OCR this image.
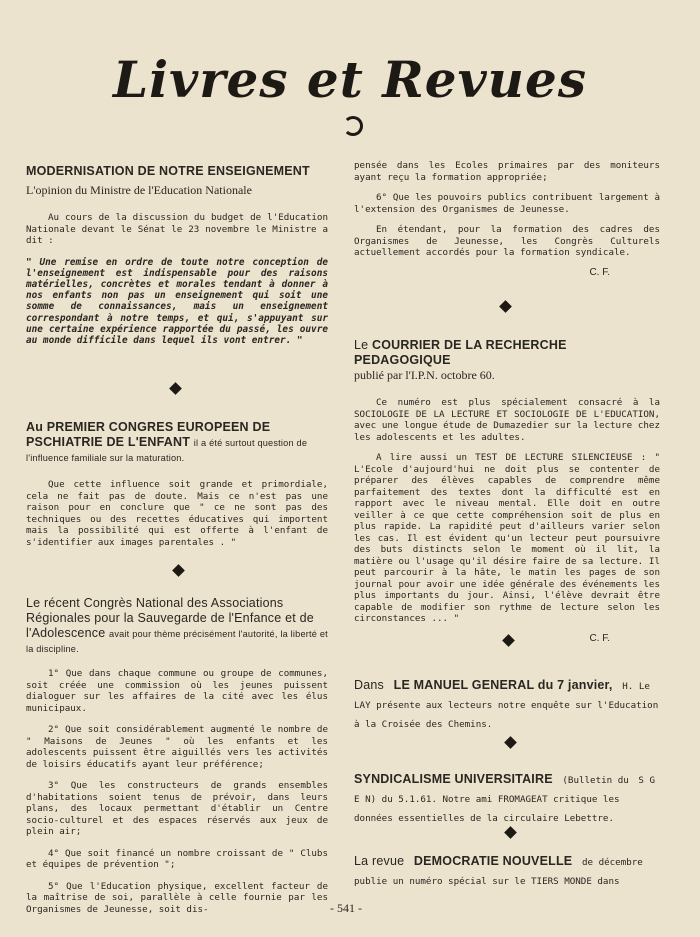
Livres et Revues
MODERNISATION DE NOTRE ENSEIGNEMENT
L'opinion du Ministre de l'Education Nationale

Au cours de la discussion du budget de l'Education Nationale devant le Sénat le 23 novembre le Ministre a dit :

" Une remise en ordre de toute notre conception de l'enseignement est indispensable pour des raisons matérielles, concrètes et morales tendant à donner à nos enfants non pas un enseignement qui soit une somme de connaissances, mais un enseignement correspondant à notre temps, et qui, s'appuyant sur une certaine expérience rapportée du passé, les ouvre au monde difficile dans lequel ils vont entrer. "

Au PREMIER CONGRES EUROPEEN DE PSCHIATRIE DE L'ENFANT il a été surtout question de l'influence familiale sur la maturation.

Que cette influence soit grande et primordiale, cela ne fait pas de doute. Mais ce n'est pas une raison pour en conclure que " ce ne sont pas des techniques ou des recettes éducatives qui importent mais la possibilité qui est offerte à l'enfant de s'identifier aux images parentales . "

Le récent Congrès National des Associations Régionales pour la Sauvegarde de l'Enfance et de l'Adolescence avait pour thème précisément l'autorité, la liberté et la discipline.

1° Que dans chaque commune ou groupe de communes, soit créée une commission où les jeunes puissent dialoguer sur les affaires de la cité avec les élus municipaux.

2° Que soit considérablement augmenté le nombre de " Maisons de Jeunes " où les enfants et les adolescents puissent être aiguillés vers les activités de loisirs éducatifs ayant leur préférence;

3° Que les constructeurs de grands ensembles d'habitations soient tenus de prévoir, dans leurs plans, des locaux permettant d'établir un Centre socio-culturel et des espaces réservés aux jeux de plein air;

4° Que soit financé un nombre croissant de " Clubs et équipes de prévention ";

5° Que l'Education physique, excellent facteur de la maîtrise de soi, parallèle à celle fournie par les Organismes de Jeunesse, soit dis-

pensée dans les Ecoles primaires par des moniteurs ayant reçu la formation appropriée;

6° Que les pouvoirs publics contribuent largement à l'extension des Organismes de Jeunesse.

En étendant, pour la formation des cadres des Organismes de Jeunesse, les Congrès Culturels actuellement accordés pour la formation syndicale.

C. F.
Le COURRIER DE LA RECHERCHE PEDAGOGIQUE
publié par l'I.P.N. octobre 60.

Ce numéro est plus spécialement consacré à la SOCIOLOGIE DE LA LECTURE ET SOCIOLOGIE DE L'EDUCATION, avec une longue étude de Dumazedier sur la lecture chez les adolescents et les adultes.

A lire aussi un TEST DE LECTURE SILENCIEUSE : " L'Ecole d'aujourd'hui ne doit plus se contenter de préparer des élèves capables de comprendre même parfaitement des textes dont la difficulté est en rapport avec le niveau mental. Elle doit en outre veiller à ce que cette compréhension soit de plus en plus rapide. La rapidité peut d'ailleurs varier selon les cas. Il est évident qu'un lecteur peut poursuivre des buts distincts selon le moment où il lit, la matière ou l'usage qu'il désire faire de sa lecture. Il peut parcourir à la hâte, le matin les pages de son journal pour avoir une idée générale des événements les plus importants du jour. Ainsi, l'élève devrait être capable de modifier son rythme de lecture selon les circonstances ... "

C. F.
Dans LE MANUEL GENERAL du 7 janvier, H. Le LAY présente aux lecteurs notre enquête sur l'Education à la Croisée des Chemins.
SYNDICALISME UNIVERSITAIRE (Bulletin du S G E N) du 5.1.61. Notre ami FROMAGEAT critique les données essentielles de la circulaire Lebettre.
La revue DEMOCRATIE NOUVELLE de décembre publie un numéro spécial sur le TIERS MONDE dans
- 541 -
